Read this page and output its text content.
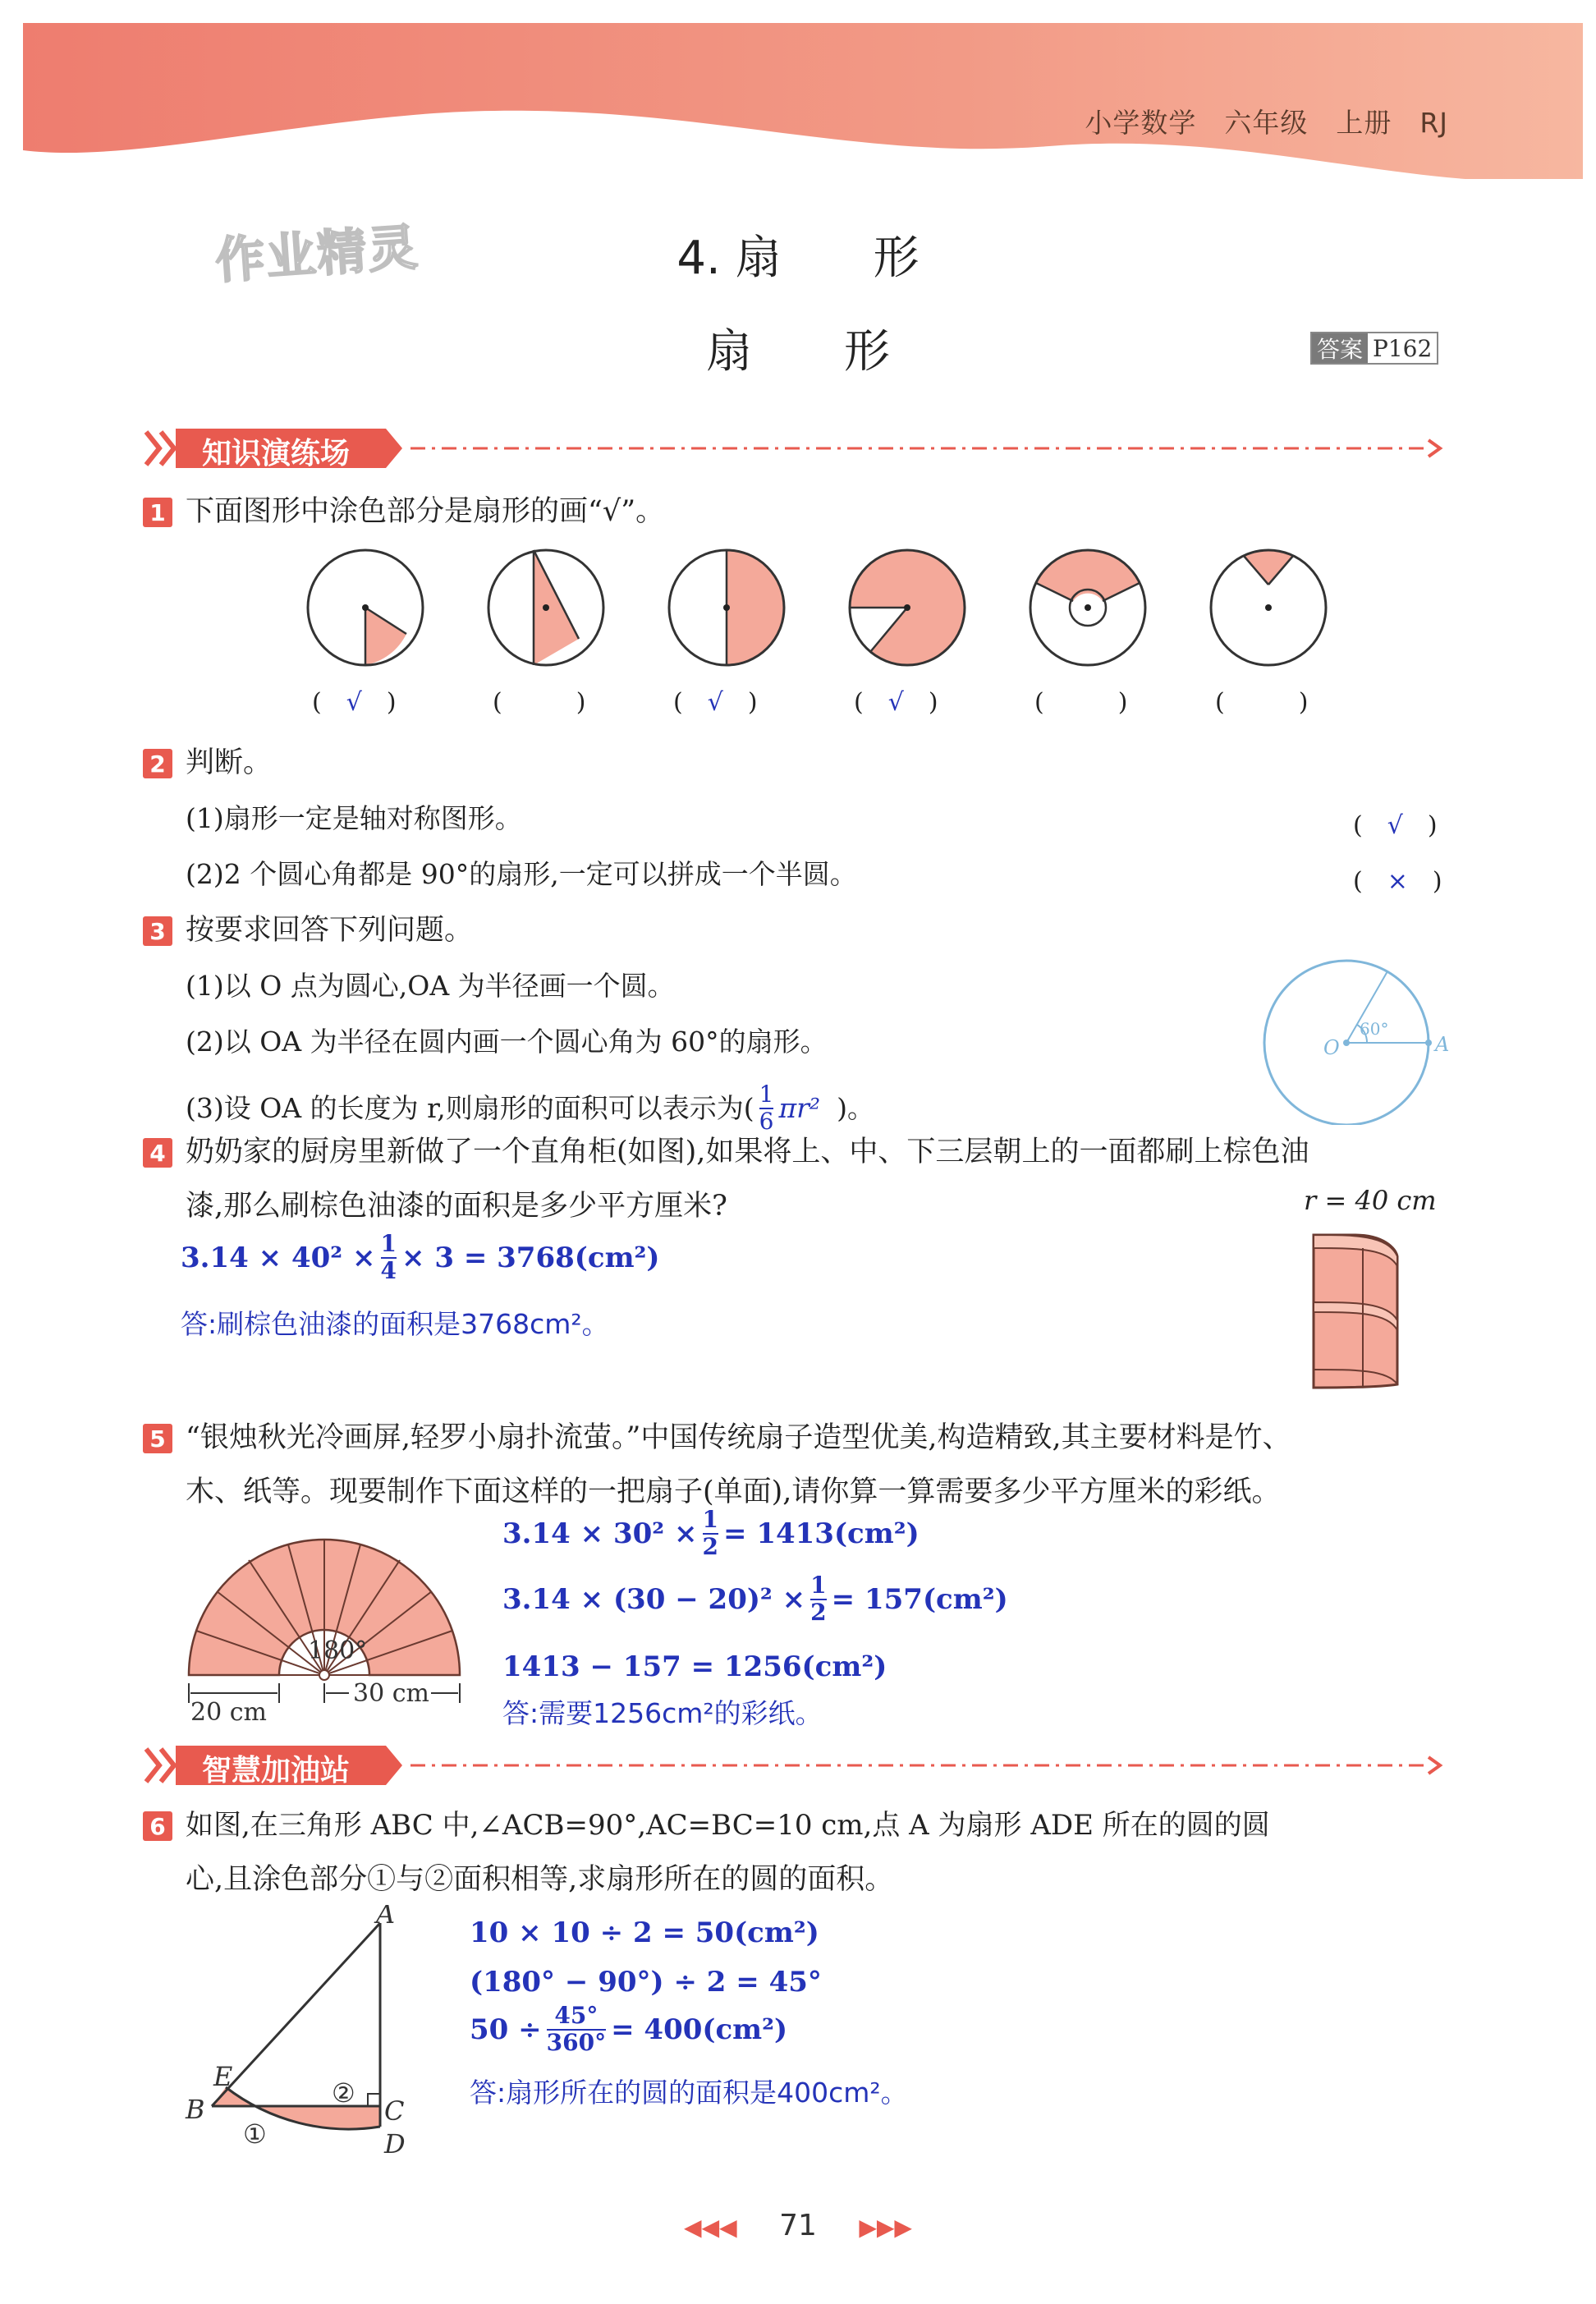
小学数学 六年级 上册 RJ
作业精灵	4. 扇　　形
扇　　形	答案 P162
知识演练场
1 下面图形中涂色部分是扇形的画“√”。
(　√　)	(　　　)	(　√　)	(　√　)	(　　　)	(　　　)
2 判断。
(1)扇形一定是轴对称图形。	(　√　)
(2)2 个圆心角都是 90°的扇形,一定可以拼成一个半圆。	(　×　)
3 按要求回答下列问题。
(1)以 O 点为圆心,OA 为半径画一个圆。
(2)以 OA 为半径在圆内画一个圆心角为 60°的扇形。
(3)设 OA 的长度为 r,则扇形的面积可以表示为( $\frac{1}{6} \pi r^2$ )。
O	A
60°
4 奶奶家的厨房里新做了一个直角柜(如图),如果将上、中、下三层朝上的一面都刷上棕色油
漆,那么刷棕色油漆的面积是多少平方厘米?	r = 40 cm
$3.14 \times 40^2 \times \frac{1}{4} \times 3 = 3768(cm^2)$
答:刷棕色油漆的面积是3768cm²。
5 “银烛秋光冷画屏,轻罗小扇扑流萤。”中国传统扇子造型优美,构造精致,其主要材料是竹、
木、纸等。现要制作下面这样的一把扇子(单面),请你算一算需要多少平方厘米的彩纸。
180°
20 cm
30 cm
$3.14 \times 30^2 \times \frac{1}{2} = 1413(cm^2)$
$3.14 \times (30 - 20)^2 \times \frac{1}{2} = 157(cm^2)$
1413 − 157 = 1256(cm²)
答:需要1256cm²的彩纸。
智慧加油站
6 如图,在三角形 ABC 中,∠ACB=90°,AC=BC=10 cm,点 A 为扇形 ADE 所在的圆的圆
心,且涂色部分①与②面积相等,求扇形所在的圆的面积。
A
B	C
D
E
①
②
10 × 10 ÷ 2 = 50(cm²)
(180° − 90°) ÷ 2 = 45°
$50 \div \frac{45^\circ}{360^\circ} = 400(cm^2)$
答:扇形所在的圆的面积是400cm²。
◀◀◀ 71 ▶▶▶
